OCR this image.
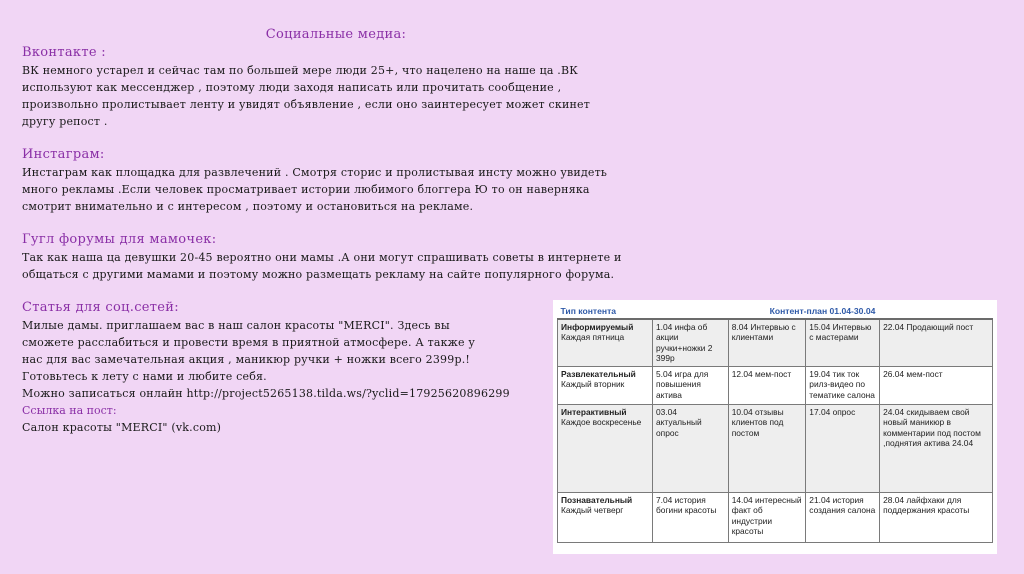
Социальные медиа:

Вконтакте :

ВК немного устарел и сейчас там по большей мере люди 25+, что нацелено на наше ца .ВК

используют как мессенджер , поэтому люди заходя написать или прочитать сообщение ,

произвольно пролистывает ленту и увидят объявление , если оно заинтересует может скинет

другу репост .

Инстаграм:

Инстаграм как площадка для развлечений . Смотря сторис и пролистывая инсту можно увидеть

много рекламы .Если человек просматривает истории любимого блоггера Ю то он наверняка

смотрит внимательно и с интересом , поэтому и остановиться на рекламе.

Гугл форумы для мамочек:

Так как наша ца девушки 20-45 вероятно они мамы .А они могут спрашивать советы в интернете и

общаться с другими мамами и поэтому можно размещать рекламу на сайте популярного форума.

Статья для соц.сетей:

Милые дамы. приглашаем вас в наш салон красоты "MERCI". Здесь вы

сможете расслабиться и провести время в приятной атмосфере. А также у

нас для вас замечательная акция , маникюр ручки + ножки всего 2399р.!

Готовьтесь к лету с нами и любите себя.

Можно записаться онлайн http://project5265138.tilda.ws/?yclid=17925620896299

Ссылка на пост:

Салон красоты "MERCI" (vk.com)

Тип контента	Контент-план 01.04-30.04			

Информируемый
Каждая пятница	1.04 инфа об акции ручки+ножки 2 399р	8.04 Интервью с клиентами	15.04 Интервью с мастерами	22.04 Продающий пост

Развлекательный
Каждый вторник	5.04 игра для повышения актива	12.04 мем-пост	19.04 тик ток рилз-видео по тематике салона	26.04 мем-пост

Интерактивный
Каждое воскресенье	03.04 актуальный опрос	10.04 отзывы клиентов под постом	17.04 опрос	24.04 скидываем свой новый маникюр в комментарии под постом ,поднятия актива 24.04

Познавательный
Каждый четверг	7.04 история богини красоты	14.04 интересный факт об индустрии красоты	21.04 история создания салона	28.04 лайфхаки для поддержания красоты
